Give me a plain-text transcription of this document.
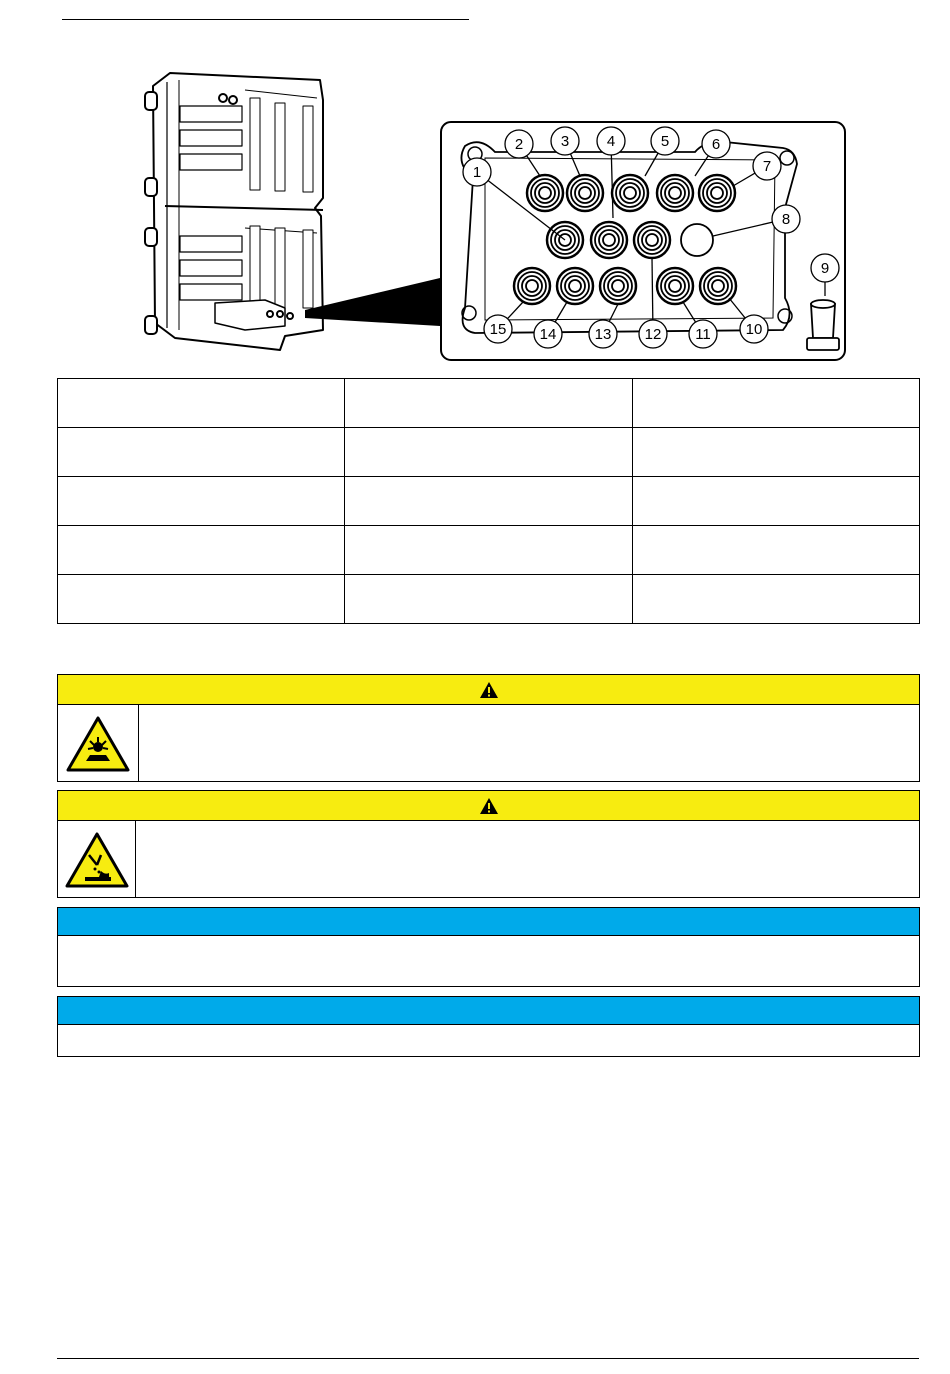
1
2	3	4	5	6
7
8
9
10
11
12
13
14
15
